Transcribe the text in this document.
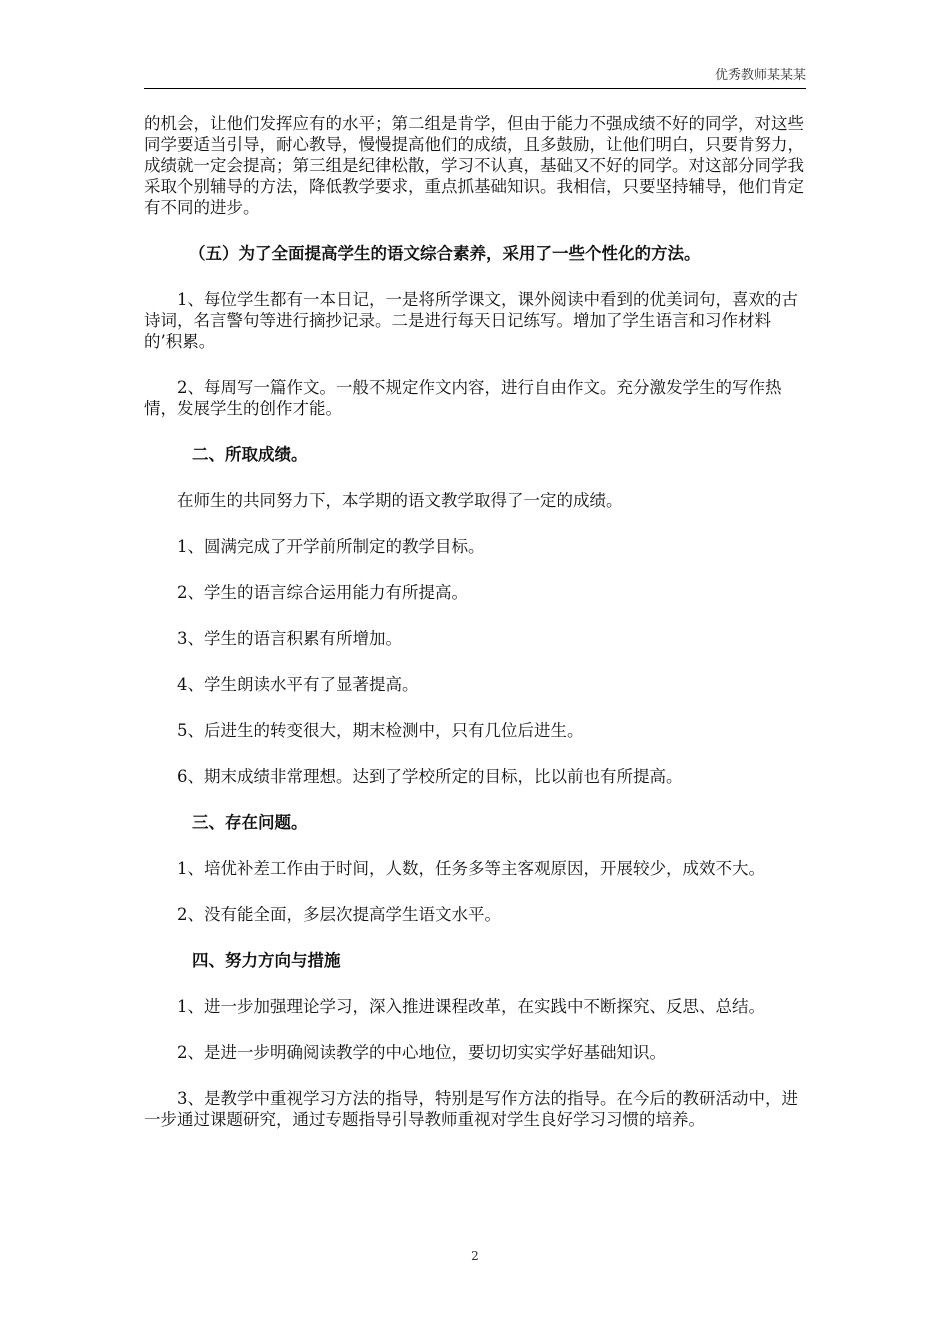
优秀教师某某某

的机会，让他们发挥应有的水平；第二组是肯学，但由于能力不强成绩不好的同学，对这些同学要适当引导，耐心教导，慢慢提高他们的成绩，且多鼓励，让他们明白，只要肯努力，成绩就一定会提高；第三组是纪律松散，学习不认真，基础又不好的同学。对这部分同学我采取个别辅导的方法，降低教学要求，重点抓基础知识。我相信，只要坚持辅导，他们肯定有不同的进步。

（五）为了全面提高学生的语文综合素养，采用了一些个性化的方法。

1、每位学生都有一本日记，一是将所学课文，课外阅读中看到的优美词句，喜欢的古诗词，名言警句等进行摘抄记录。二是进行每天日记练写。增加了学生语言和习作材料的’积累。

2、每周写一篇作文。一般不规定作文内容，进行自由作文。充分激发学生的写作热情，发展学生的创作才能。

二、所取成绩。

在师生的共同努力下，本学期的语文教学取得了一定的成绩。

1、圆满完成了开学前所制定的教学目标。

2、学生的语言综合运用能力有所提高。

3、学生的语言积累有所增加。

4、学生朗读水平有了显著提高。

5、后进生的转变很大，期末检测中，只有几位后进生。

6、期末成绩非常理想。达到了学校所定的目标，比以前也有所提高。

三、存在问题。

1、培优补差工作由于时间，人数，任务多等主客观原因，开展较少，成效不大。

2、没有能全面，多层次提高学生语文水平。

四、努力方向与措施

1、进一步加强理论学习，深入推进课程改革，在实践中不断探究、反思、总结。

2、是进一步明确阅读教学的中心地位，要切切实实学好基础知识。

3、是教学中重视学习方法的指导，特别是写作方法的指导。在今后的教研活动中，进一步通过课题研究，通过专题指导引导教师重视对学生良好学习习惯的培养。

2
